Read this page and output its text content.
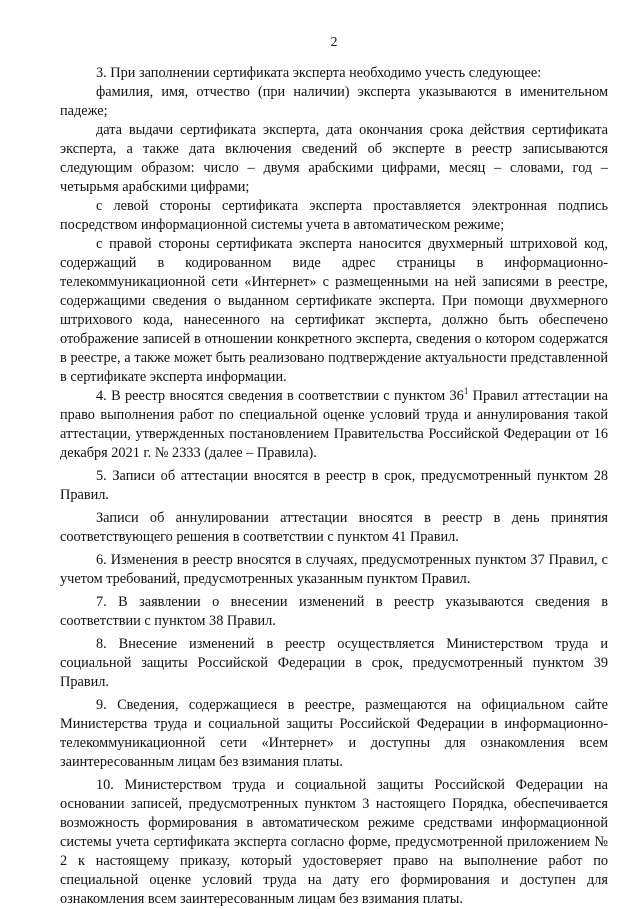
2

3. При заполнении сертификата эксперта необходимо учесть следующее:

фамилия, имя, отчество (при наличии) эксперта указываются в именительном падеже;

дата выдачи сертификата эксперта, дата окончания срока действия сертификата эксперта, а также дата включения сведений об эксперте в реестр записываются следующим образом: число – двумя арабскими цифрами, месяц – словами, год – четырьмя арабскими цифрами;

с левой стороны сертификата эксперта проставляется электронная подпись посредством информационной системы учета в автоматическом режиме;

с правой стороны сертификата эксперта наносится двухмерный штриховой код, содержащий в кодированном виде адрес страницы в информационно-телекоммуникационной сети «Интернет» с размещенными на ней записями в реестре, содержащими сведения о выданном сертификате эксперта. При помощи двухмерного штрихового кода, нанесенного на сертификат эксперта, должно быть обеспечено отображение записей в отношении конкретного эксперта, сведения о котором содержатся в реестре, а также может быть реализовано подтверждение актуальности представленной в сертификате эксперта информации.

4. В реестр вносятся сведения в соответствии с пунктом $36^1$ Правил аттестации на право выполнения работ по специальной оценке условий труда и аннулирования такой аттестации, утвержденных постановлением Правительства Российской Федерации от 16 декабря 2021 г. № 2333 (далее – Правила).

5. Записи об аттестации вносятся в реестр в срок, предусмотренный пунктом 28 Правил.

Записи об аннулировании аттестации вносятся в реестр в день принятия соответствующего решения в соответствии с пунктом 41 Правил.

6. Изменения в реестр вносятся в случаях, предусмотренных пунктом 37 Правил, с учетом требований, предусмотренных указанным пунктом Правил.

7. В заявлении о внесении изменений в реестр указываются сведения в соответствии с пунктом 38 Правил.

8. Внесение изменений в реестр осуществляется Министерством труда и социальной защиты Российской Федерации в срок, предусмотренный пунктом 39 Правил.

9. Сведения, содержащиеся в реестре, размещаются на официальном сайте Министерства труда и социальной защиты Российской Федерации в информационно-телекоммуникационной сети «Интернет» и доступны для ознакомления всем заинтересованным лицам без взимания платы.

10. Министерством труда и социальной защиты Российской Федерации на основании записей, предусмотренных пунктом 3 настоящего Порядка, обеспечивается возможность формирования в автоматическом режиме средствами информационной системы учета сертификата эксперта согласно форме, предусмотренной приложением № 2 к настоящему приказу, который удостоверяет право на выполнение работ по специальной оценке условий труда на дату его формирования и доступен для ознакомления всем заинтересованным лицам без взимания платы.
